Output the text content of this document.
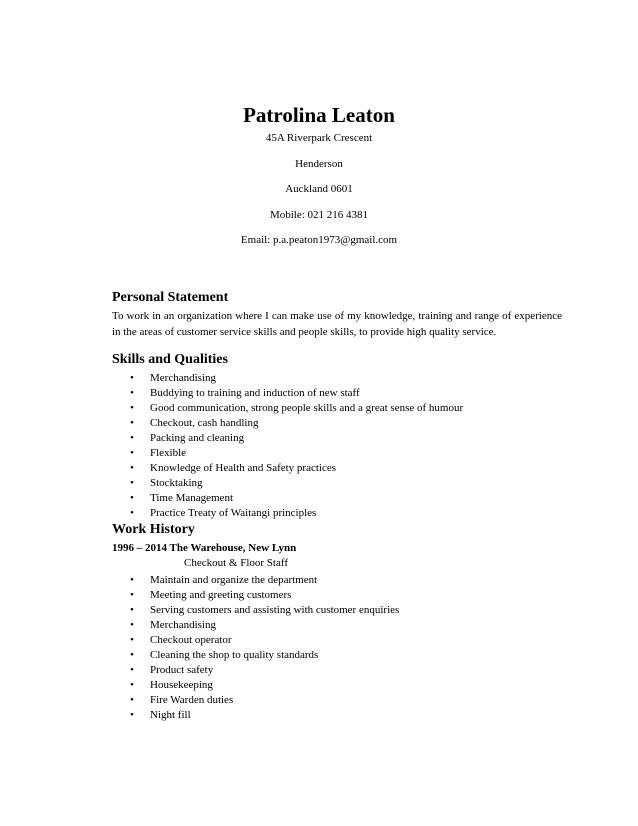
Patrolina Leaton
45A Riverpark Crescent
Henderson
Auckland 0601
Mobile: 021 216 4381
Email: p.a.peaton1973@gmail.com
Personal Statement
To work in an organization where I can make use of my knowledge, training and range of experience in the areas of customer service skills and people skills, to provide high quality service.
Skills and Qualities
• Merchandising
• Buddying to training and induction of new staff
• Good communication, strong people skills and a great sense of humour
• Checkout, cash handling
• Packing and cleaning
• Flexible
• Knowledge of Health and Safety practices
• Stocktaking
• Time Management
• Practice Treaty of Waitangi principles
Work History
1996 – 2014 The Warehouse, New Lynn
Checkout & Floor Staff
• Maintain and organize the department
• Meeting and greeting customers
• Serving customers and assisting with customer enquiries
• Merchandising
• Checkout operator
• Cleaning the shop to quality standards
• Product safety
• Housekeeping
• Fire Warden duties
• Night fill
